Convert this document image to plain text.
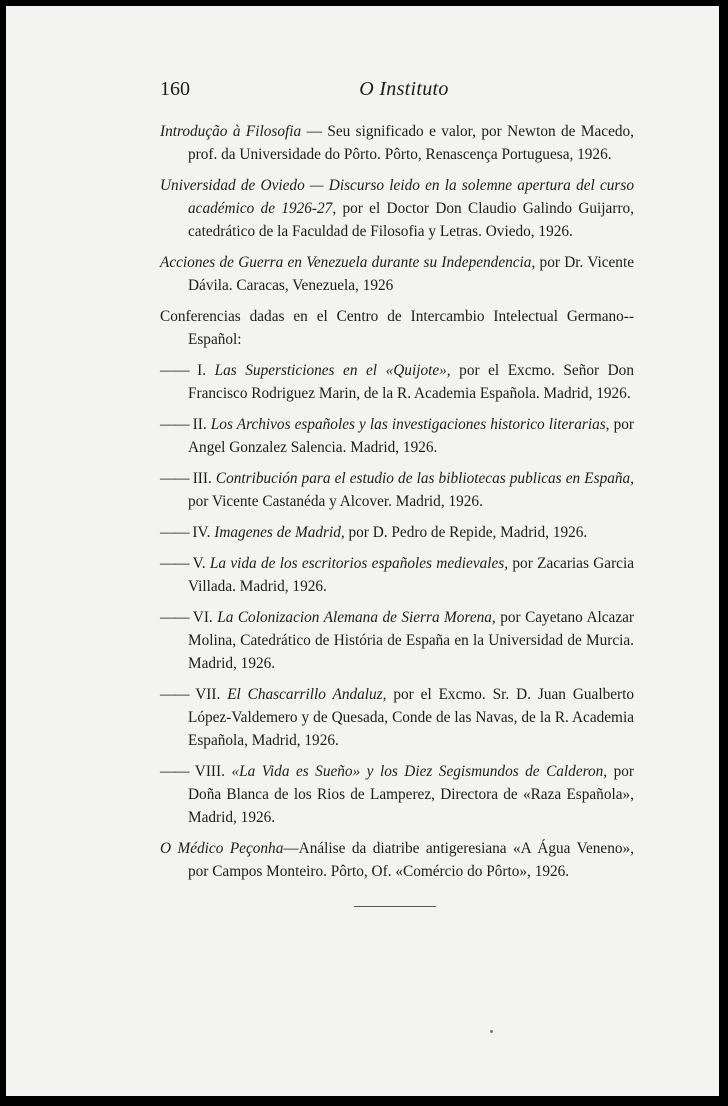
160	O Instituto

Introdução à Filosofia — Seu significado e valor, por Newton de Macedo, prof. da Universidade do Pôrto. Pôrto, Renascença Portuguesa, 1926.

Universidad de Oviedo — Discurso leido en la solemne apertura del curso académico de 1926-27, por el Doctor Don Claudio Galindo Guijarro, catedrático de la Faculdad de Filosofia y Letras. Oviedo, 1926.

Acciones de Guerra en Venezuela durante su Independencia, por Dr. Vicente Dávila. Caracas, Venezuela, 1926

Conferencias dadas en el Centro de Intercambio Intelectual Germano--Español:

—— I. Las Supersticiones en el «Quijote», por el Excmo. Señor Don Francisco Rodriguez Marin, de la R. Academia Española. Madrid, 1926.

—— II. Los Archivos españoles y las investigaciones historico literarias, por Angel Gonzalez Salencia. Madrid, 1926.

—— III. Contribución para el estudio de las bibliotecas publicas en España, por Vicente Castanéda y Alcover. Madrid, 1926.

—— IV. Imagenes de Madrid, por D. Pedro de Repide, Madrid, 1926.

—— V. La vida de los escritorios españoles medievales, por Zacarias Garcia Villada. Madrid, 1926.

—— VI. La Colonizacion Alemana de Sierra Morena, por Cayetano Alcazar Molina, Catedrático de História de España en la Universidad de Murcia. Madrid, 1926.

—— VII. El Chascarrillo Andaluz, por el Excmo. Sr. D. Juan Gualberto López-Valdemero y de Quesada, Conde de las Navas, de la R. Academia Española, Madrid, 1926.

—— VIII. «La Vida es Sueño» y los Diez Segismundos de Calderon, por Doña Blanca de los Rios de Lamperez, Directora de «Raza Española», Madrid, 1926.

O Médico Peçonha—Análise da diatribe antigeresiana «A Água Veneno», por Campos Monteiro. Pôrto, Of. «Comércio do Pôrto», 1926.
